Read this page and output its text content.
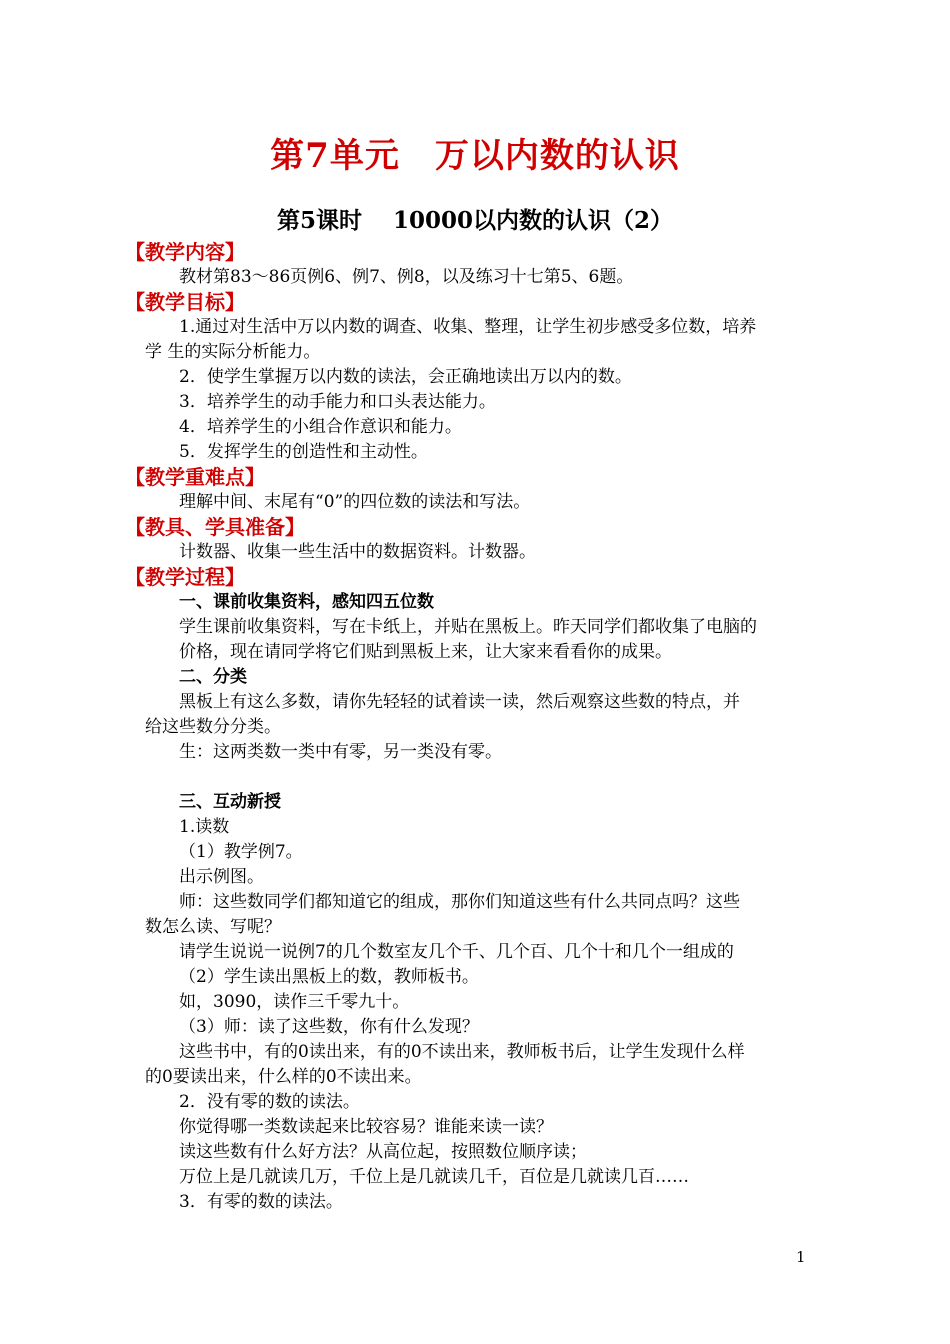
第7单元　万以内数的认识
第5课时　 10000以内数的认识（2）
【教学内容】
教材第83～86页例6、例7、例8，以及练习十七第5、6题。
【教学目标】
1.通过对生活中万以内数的调查、收集、整理，让学生初步感受多位数，培养
学 生的实际分析能力。
2．使学生掌握万以内数的读法，会正确地读出万以内的数。
3．培养学生的动手能力和口头表达能力。
4．培养学生的小组合作意识和能力。
5．发挥学生的创造性和主动性。
【教学重难点】
理解中间、末尾有“0”的四位数的读法和写法。
【教具、学具准备】
计数器、收集一些生活中的数据资料。计数器。
【教学过程】
一、课前收集资料，感知四五位数
学生课前收集资料，写在卡纸上，并贴在黑板上。昨天同学们都收集了电脑的
价格，现在请同学将它们贴到黑板上来，让大家来看看你的成果。
二、分类
黑板上有这么多数，请你先轻轻的试着读一读，然后观察这些数的特点，并
给这些数分分类。
生：这两类数一类中有零，另一类没有零。
三、互动新授
1.读数
（1）教学例7。
出示例图。
师：这些数同学们都知道它的组成，那你们知道这些有什么共同点吗？这些
数怎么读、写呢？
请学生说说一说例7的几个数室友几个千、几个百、几个十和几个一组成的
（2）学生读出黑板上的数，教师板书。
如，3090，读作三千零九十。
（3）师：读了这些数，你有什么发现？
这些书中，有的0读出来，有的0不读出来，教师板书后，让学生发现什么样
的0要读出来，什么样的0不读出来。
2．没有零的数的读法。
你觉得哪一类数读起来比较容易？谁能来读一读？
读这些数有什么好方法？从高位起，按照数位顺序读；
万位上是几就读几万，千位上是几就读几千，百位是几就读几百……
3．有零的数的读法。
1
